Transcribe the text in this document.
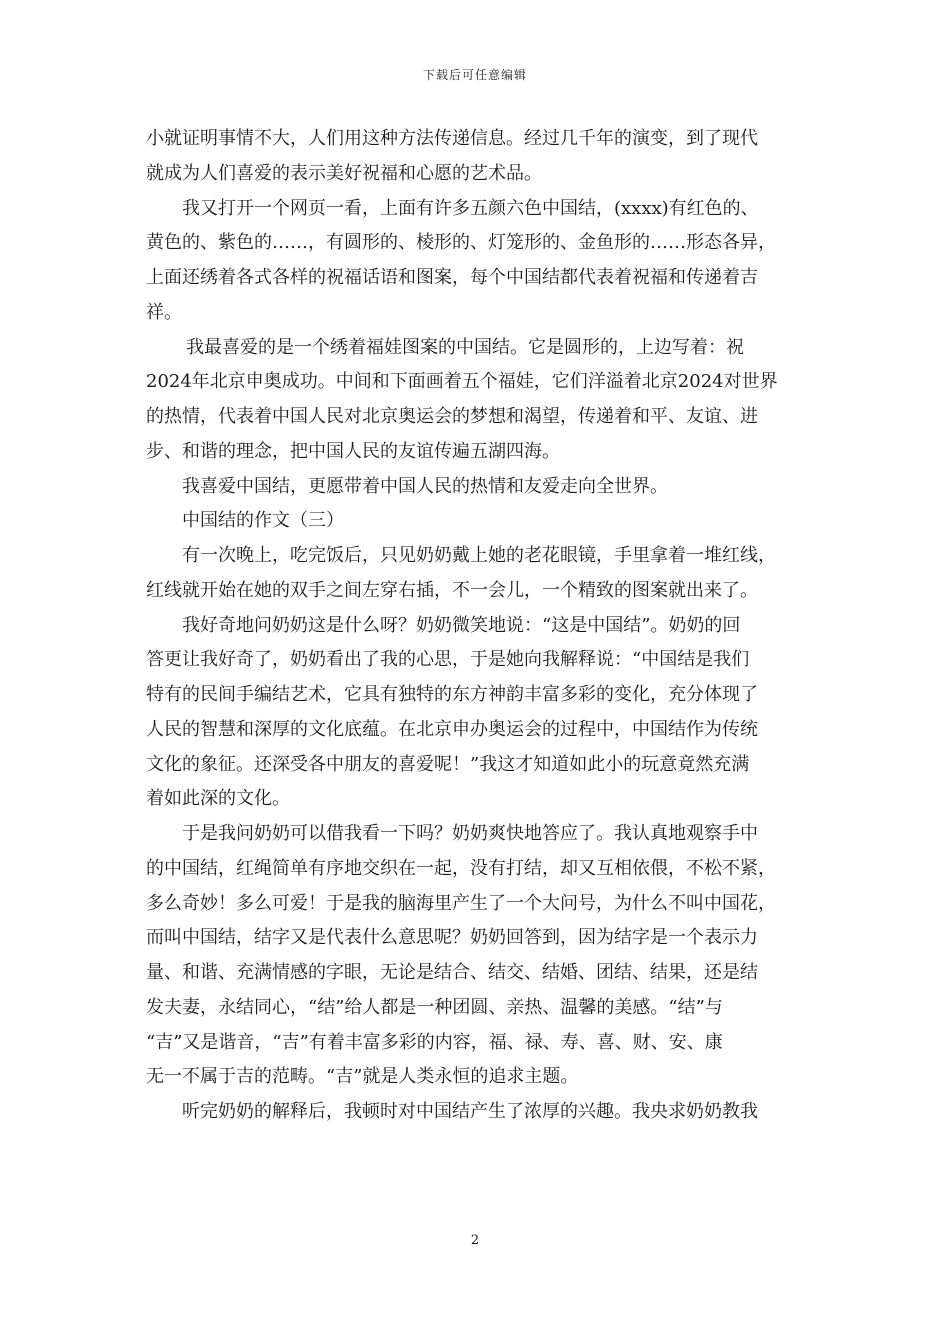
下载后可任意编辑
小就证明事情不大，人们用这种方法传递信息。经过几千年的演变，到了现代
就成为人们喜爱的表示美好祝福和心愿的艺术品。
我又打开一个网页一看，上面有许多五颜六色中国结，(xxxx)有红色的、
黄色的、紫色的……，有圆形的、棱形的、灯笼形的、金鱼形的……形态各异，
上面还绣着各式各样的祝福话语和图案，每个中国结都代表着祝福和传递着吉
祥。
我最喜爱的是一个绣着福娃图案的中国结。它是圆形的，上边写着：祝
2024年北京申奥成功。中间和下面画着五个福娃，它们洋溢着北京2024对世界
的热情，代表着中国人民对北京奥运会的梦想和渴望，传递着和平、友谊、进
步、和谐的理念，把中国人民的友谊传遍五湖四海。
我喜爱中国结，更愿带着中国人民的热情和友爱走向全世界。
中国结的作文（三）
有一次晚上，吃完饭后，只见奶奶戴上她的老花眼镜，手里拿着一堆红线，
红线就开始在她的双手之间左穿右插，不一会儿，一个精致的图案就出来了。
我好奇地问奶奶这是什么呀？奶奶微笑地说：“这是中国结”。奶奶的回
答更让我好奇了，奶奶看出了我的心思，于是她向我解释说：“中国结是我们
特有的民间手编结艺术，它具有独特的东方神韵丰富多彩的变化，充分体现了
人民的智慧和深厚的文化底蕴。在北京申办奥运会的过程中，中国结作为传统
文化的象征。还深受各中朋友的喜爱呢！”我这才知道如此小的玩意竟然充满
着如此深的文化。
于是我问奶奶可以借我看一下吗？奶奶爽快地答应了。我认真地观察手中
的中国结，红绳简单有序地交织在一起，没有打结，却又互相依偎，不松不紧，
多么奇妙！多么可爱！于是我的脑海里产生了一个大问号，为什么不叫中国花，
而叫中国结，结字又是代表什么意思呢？奶奶回答到，因为结字是一个表示力
量、和谐、充满情感的字眼，无论是结合、结交、结婚、团结、结果，还是结
发夫妻，永结同心，“结”给人都是一种团圆、亲热、温馨的美感。“结”与
“吉”又是谐音，“吉”有着丰富多彩的内容，福、禄、寿、喜、财、安、康
无一不属于吉的范畴。“吉”就是人类永恒的追求主题。
听完奶奶的解释后，我顿时对中国结产生了浓厚的兴趣。我央求奶奶教我
2
